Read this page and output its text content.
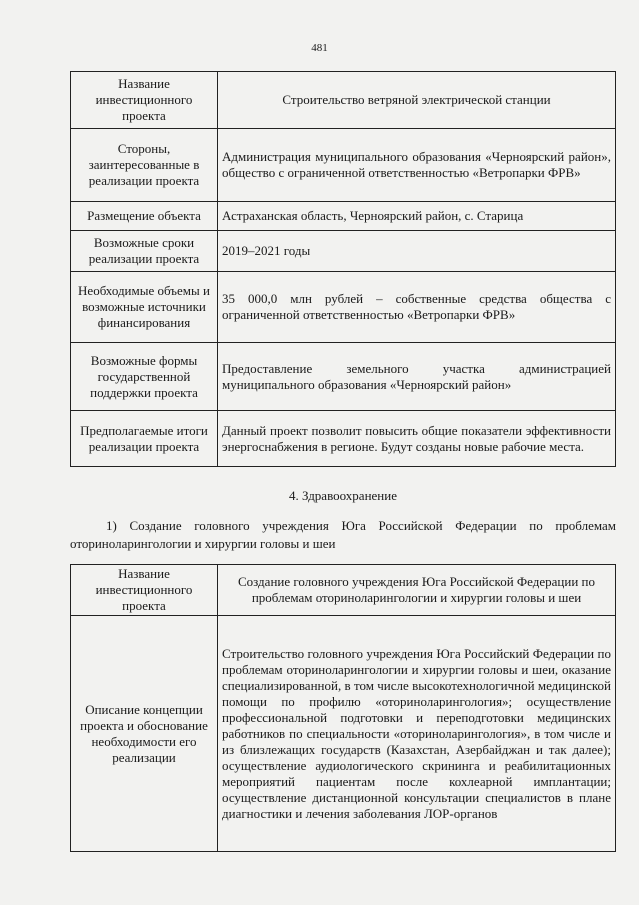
481
Название инвестиционного проекта	Строительство ветряной электрической станции
Стороны, заинтересованные в реализации проекта	Администрация муниципального образования «Черноярский район», общество с ограниченной ответственностью «Ветропарки ФРВ»
Размещение объекта	Астраханская область, Черноярский район, с. Старица
Возможные сроки реализации проекта	2019–2021 годы
Необходимые объемы и возможные источники финансирования	35 000,0 млн рублей – собственные средства общества с ограниченной ответственностью «Ветропарки ФРВ»
Возможные формы государственной поддержки проекта	Предоставление земельного участка администрацией муниципального образования «Черноярский район»
Предполагаемые итоги реализации проекта	Данный проект позволит повысить общие показатели эффективности энергоснабжения в регионе. Будут созданы новые рабочие места.
4. Здравоохранение
1) Создание головного учреждения Юга Российской Федерации по проблемам оториноларингологии и хирургии головы и шеи
Название инвестиционного проекта	Создание головного учреждения Юга Российской Федерации по проблемам оториноларингологии и хирургии головы и шеи
Описание концепции проекта и обоснование необходимости его реализации	Строительство головного учреждения Юга Российский Федерации по проблемам оториноларингологии и хирургии головы и шеи, оказание специализированной, в том числе высокотехнологичной медицинской помощи по профилю «оториноларингология»; осуществление профессиональной подготовки и переподготовки медицинских работников по специальности «оториноларингология», в том числе и из близлежащих государств (Казахстан, Азербайджан и так далее); осуществление аудиологического скрининга и реабилитационных мероприятий пациентам после кохлеарной имплантации; осуществление дистанционной консультации специалистов в плане диагностики и лечения заболевания ЛОР-органов
